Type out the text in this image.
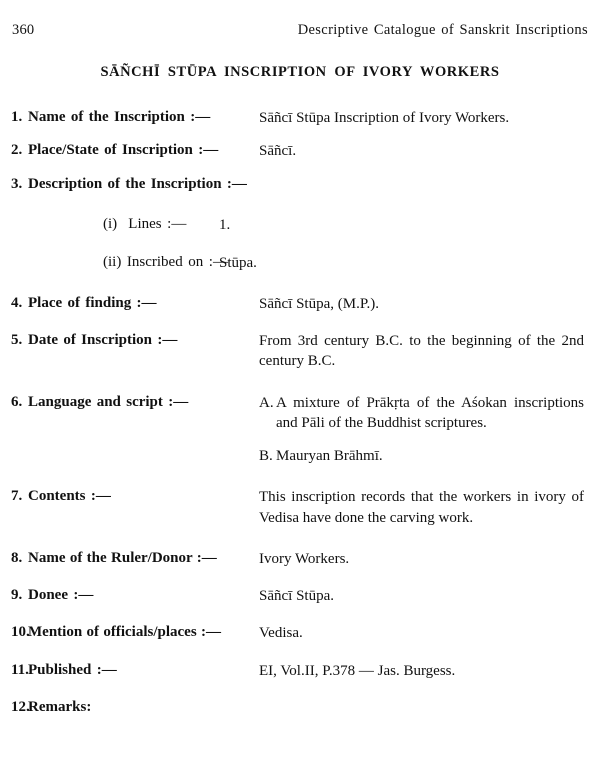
360	Descriptive Catalogue of Sanskrit Inscriptions
SĀÑCHĪ STŪPA INSCRIPTION OF IVORY WORKERS
1. Name of the Inscription :—	Sāñcī Stūpa Inscription of Ivory Workers.
2. Place/State of Inscription :—	Sāñcī.
3. Description of the Inscription :—
(i) Lines :—	1.
(ii) Inscribed on :—
Stūpa.
4. Place of finding :—	Sāñcī Stūpa, (M.P.).
5. Date of Inscription :—	From 3rd century B.C. to the beginning of the 2nd century B.C.
6. Language and script :—	A. A mixture of Prākṛta of the Aśokan inscriptions and Pāli of the Buddhist scriptures.
B. Mauryan Brāhmī.
7. Contents :—	This inscription records that the workers in ivory of Vedisa have done the carving work.
8. Name of the Ruler/Donor :—	Ivory Workers.
9. Donee :—	Sāñcī Stūpa.
10.
Mention of officials/places :—	Vedisa.
11. Published :—	EI, Vol.II, P.378 — Jas. Burgess.
12.
Remarks:
